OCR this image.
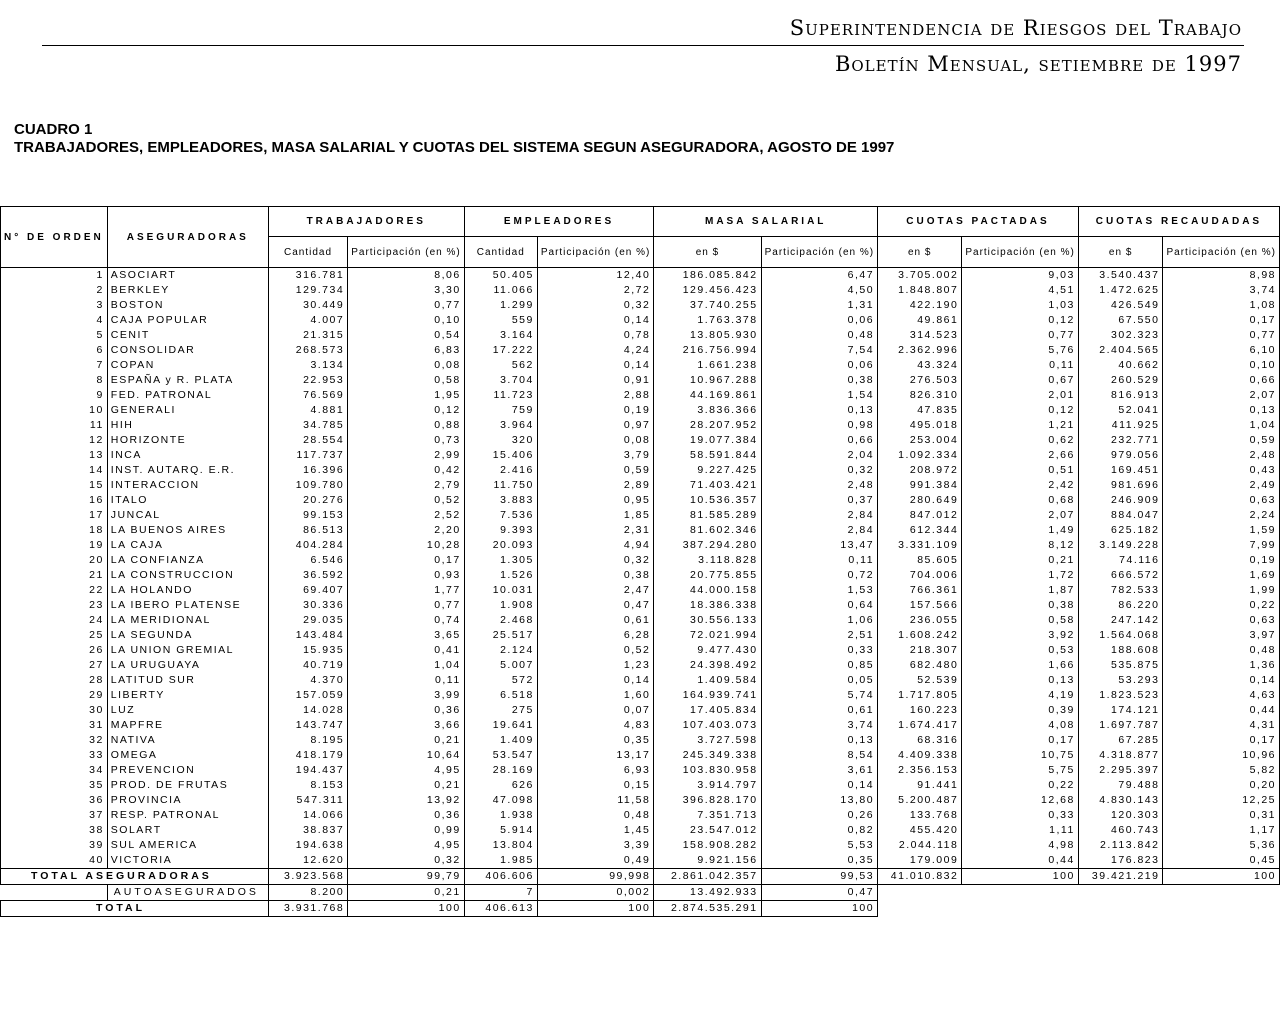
Superintendencia de Riesgos del Trabajo
Boletín Mensual, setiembre de 1997
CUADRO 1
TRABAJADORES, EMPLEADORES, MASA SALARIAL Y CUOTAS DEL SISTEMA SEGUN ASEGURADORA, AGOSTO DE 1997
N° DE ORDEN	ASEGURADORAS	TRABAJADORES		EMPLEADORES		MASA SALARIAL		CUOTAS PACTADAS		CUOTAS RECAUDADAS	
		Cantidad	Participación (en %)	Cantidad	Participación (en %)	en $	Participación (en %)	en $	Participación (en %)	en $	Participación (en %)
1	ASOCIART	316.781	8,06	50.405	12,40	186.085.842	6,47	3.705.002	9,03	3.540.437	8,98
2	BERKLEY	129.734	3,30	11.066	2,72	129.456.423	4,50	1.848.807	4,51	1.472.625	3,74
3	BOSTON	30.449	0,77	1.299	0,32	37.740.255	1,31	422.190	1,03	426.549	1,08
4	CAJA POPULAR	4.007	0,10	559	0,14	1.763.378	0,06	49.861	0,12	67.550	0,17
5	CENIT	21.315	0,54	3.164	0,78	13.805.930	0,48	314.523	0,77	302.323	0,77
6	CONSOLIDAR	268.573	6,83	17.222	4,24	216.756.994	7,54	2.362.996	5,76	2.404.565	6,10
7	COPAN	3.134	0,08	562	0,14	1.661.238	0,06	43.324	0,11	40.662	0,10
8	ESPAÑA y R. PLATA	22.953	0,58	3.704	0,91	10.967.288	0,38	276.503	0,67	260.529	0,66
9	FED. PATRONAL	76.569	1,95	11.723	2,88	44.169.861	1,54	826.310	2,01	816.913	2,07
10	GENERALI	4.881	0,12	759	0,19	3.836.366	0,13	47.835	0,12	52.041	0,13
11	HIH	34.785	0,88	3.964	0,97	28.207.952	0,98	495.018	1,21	411.925	1,04
12	HORIZONTE	28.554	0,73	320	0,08	19.077.384	0,66	253.004	0,62	232.771	0,59
13	INCA	117.737	2,99	15.406	3,79	58.591.844	2,04	1.092.334	2,66	979.056	2,48
14	INST. AUTARQ. E.R.	16.396	0,42	2.416	0,59	9.227.425	0,32	208.972	0,51	169.451	0,43
15	INTERACCION	109.780	2,79	11.750	2,89	71.403.421	2,48	991.384	2,42	981.696	2,49
16	ITALO	20.276	0,52	3.883	0,95	10.536.357	0,37	280.649	0,68	246.909	0,63
17	JUNCAL	99.153	2,52	7.536	1,85	81.585.289	2,84	847.012	2,07	884.047	2,24
18	LA BUENOS AIRES	86.513	2,20	9.393	2,31	81.602.346	2,84	612.344	1,49	625.182	1,59
19	LA CAJA	404.284	10,28	20.093	4,94	387.294.280	13,47	3.331.109	8,12	3.149.228	7,99
20	LA CONFIANZA	6.546	0,17	1.305	0,32	3.118.828	0,11	85.605	0,21	74.116	0,19
21	LA CONSTRUCCION	36.592	0,93	1.526	0,38	20.775.855	0,72	704.006	1,72	666.572	1,69
22	LA HOLANDO	69.407	1,77	10.031	2,47	44.000.158	1,53	766.361	1,87	782.533	1,99
23	LA IBERO PLATENSE	30.336	0,77	1.908	0,47	18.386.338	0,64	157.566	0,38	86.220	0,22
24	LA MERIDIONAL	29.035	0,74	2.468	0,61	30.556.133	1,06	236.055	0,58	247.142	0,63
25	LA SEGUNDA	143.484	3,65	25.517	6,28	72.021.994	2,51	1.608.242	3,92	1.564.068	3,97
26	LA UNION GREMIAL	15.935	0,41	2.124	0,52	9.477.430	0,33	218.307	0,53	188.608	0,48
27	LA URUGUAYA	40.719	1,04	5.007	1,23	24.398.492	0,85	682.480	1,66	535.875	1,36
28	LATITUD SUR	4.370	0,11	572	0,14	1.409.584	0,05	52.539	0,13	53.293	0,14
29	LIBERTY	157.059	3,99	6.518	1,60	164.939.741	5,74	1.717.805	4,19	1.823.523	4,63
30	LUZ	14.028	0,36	275	0,07	17.405.834	0,61	160.223	0,39	174.121	0,44
31	MAPFRE	143.747	3,66	19.641	4,83	107.403.073	3,74	1.674.417	4,08	1.697.787	4,31
32	NATIVA	8.195	0,21	1.409	0,35	3.727.598	0,13	68.316	0,17	67.285	0,17
33	OMEGA	418.179	10,64	53.547	13,17	245.349.338	8,54	4.409.338	10,75	4.318.877	10,96
34	PREVENCION	194.437	4,95	28.169	6,93	103.830.958	3,61	2.356.153	5,75	2.295.397	5,82
35	PROD. DE FRUTAS	8.153	0,21	626	0,15	3.914.797	0,14	91.441	0,22	79.488	0,20
36	PROVINCIA	547.311	13,92	47.098	11,58	396.828.170	13,80	5.200.487	12,68	4.830.143	12,25
37	RESP. PATRONAL	14.066	0,36	1.938	0,48	7.351.713	0,26	133.768	0,33	120.303	0,31
38	SOLART	38.837	0,99	5.914	1,45	23.547.012	0,82	455.420	1,11	460.743	1,17
39	SUL AMERICA	194.638	4,95	13.804	3,39	158.908.282	5,53	2.044.118	4,98	2.113.842	5,36
40	VICTORIA	12.620	0,32	1.985	0,49	9.921.156	0,35	179.009	0,44	176.823	0,45
TOTAL ASEGURADORAS		3.923.568	99,79	406.606	99,998	2.861.042.357	99,53	41.010.832	100	39.421.219	100
	AUTOASEGURADOS	8.200	0,21	7	0,002	13.492.933	0,47				
TOTAL		3.931.768	100	406.613	100	2.874.535.291	100				
